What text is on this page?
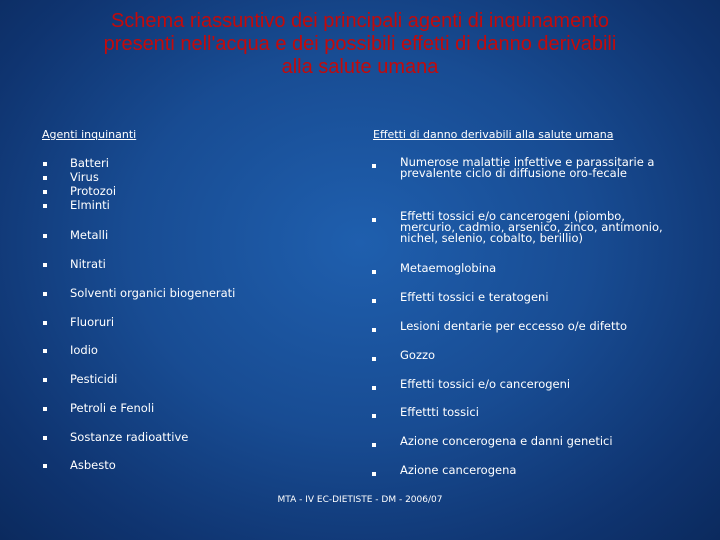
Schema riassuntivo dei principali agenti di inquinamento
presenti nell'acqua e dei possibili effetti di danno derivabili
alla salute umana
Agenti inquinanti	Effetti di danno derivabili alla salute umana
Batteri
Virus
Protozoi
Elminti
Metalli
Nitrati
Solventi organici biogenerati
Fluoruri
Iodio
Pesticidi
Petroli e Fenoli
Sostanze radioattive
Asbesto
Numerose malattie infettive e parassitarie a
prevalente ciclo di diffusione oro-fecale
Effetti tossici e/o cancerogeni (piombo,
mercurio, cadmio, arsenico, zinco, antimonio,
nichel, selenio, cobalto, berillio)
Metaemoglobina
Effetti tossici e teratogeni
Lesioni dentarie per eccesso o/e difetto
Gozzo
Effetti tossici e/o cancerogeni
Effettti tossici
Azione concerogena e danni genetici
Azione cancerogena
MTA - IV EC-DIETISTE - DM - 2006/07
